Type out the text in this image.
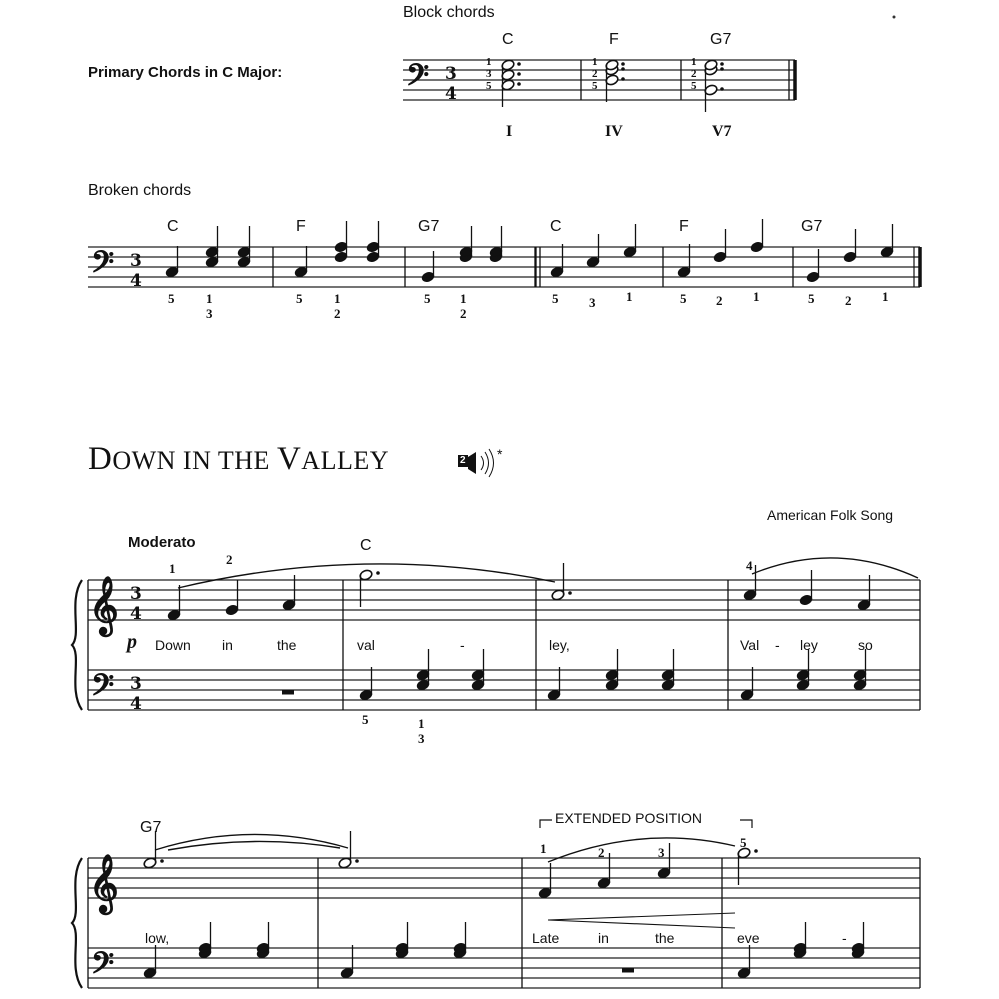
𝄢 3
4
𝄢 3
4
𝄞 3
4
𝄢 3
4
𝄞
𝄢
Block chords
Primary Chords in C Major:
C	F	G7
I	IV	V7
1
3
5
1
2
5
1
2
5
Broken chords
C	F	G7	C	F	G7
5 1
3
5 1
2
5 1
2
5 3 1	5 2 1	5 2 1
DOWN IN THE VALLEY	2 *
American Folk Song
Moderato	C
1
2	4
p Down in	the	val	-	ley,	Val - ley	so
5	1
3
G7
EXTENDED POSITION
1	2	3
5
low,	Late	in	the	eve	-
